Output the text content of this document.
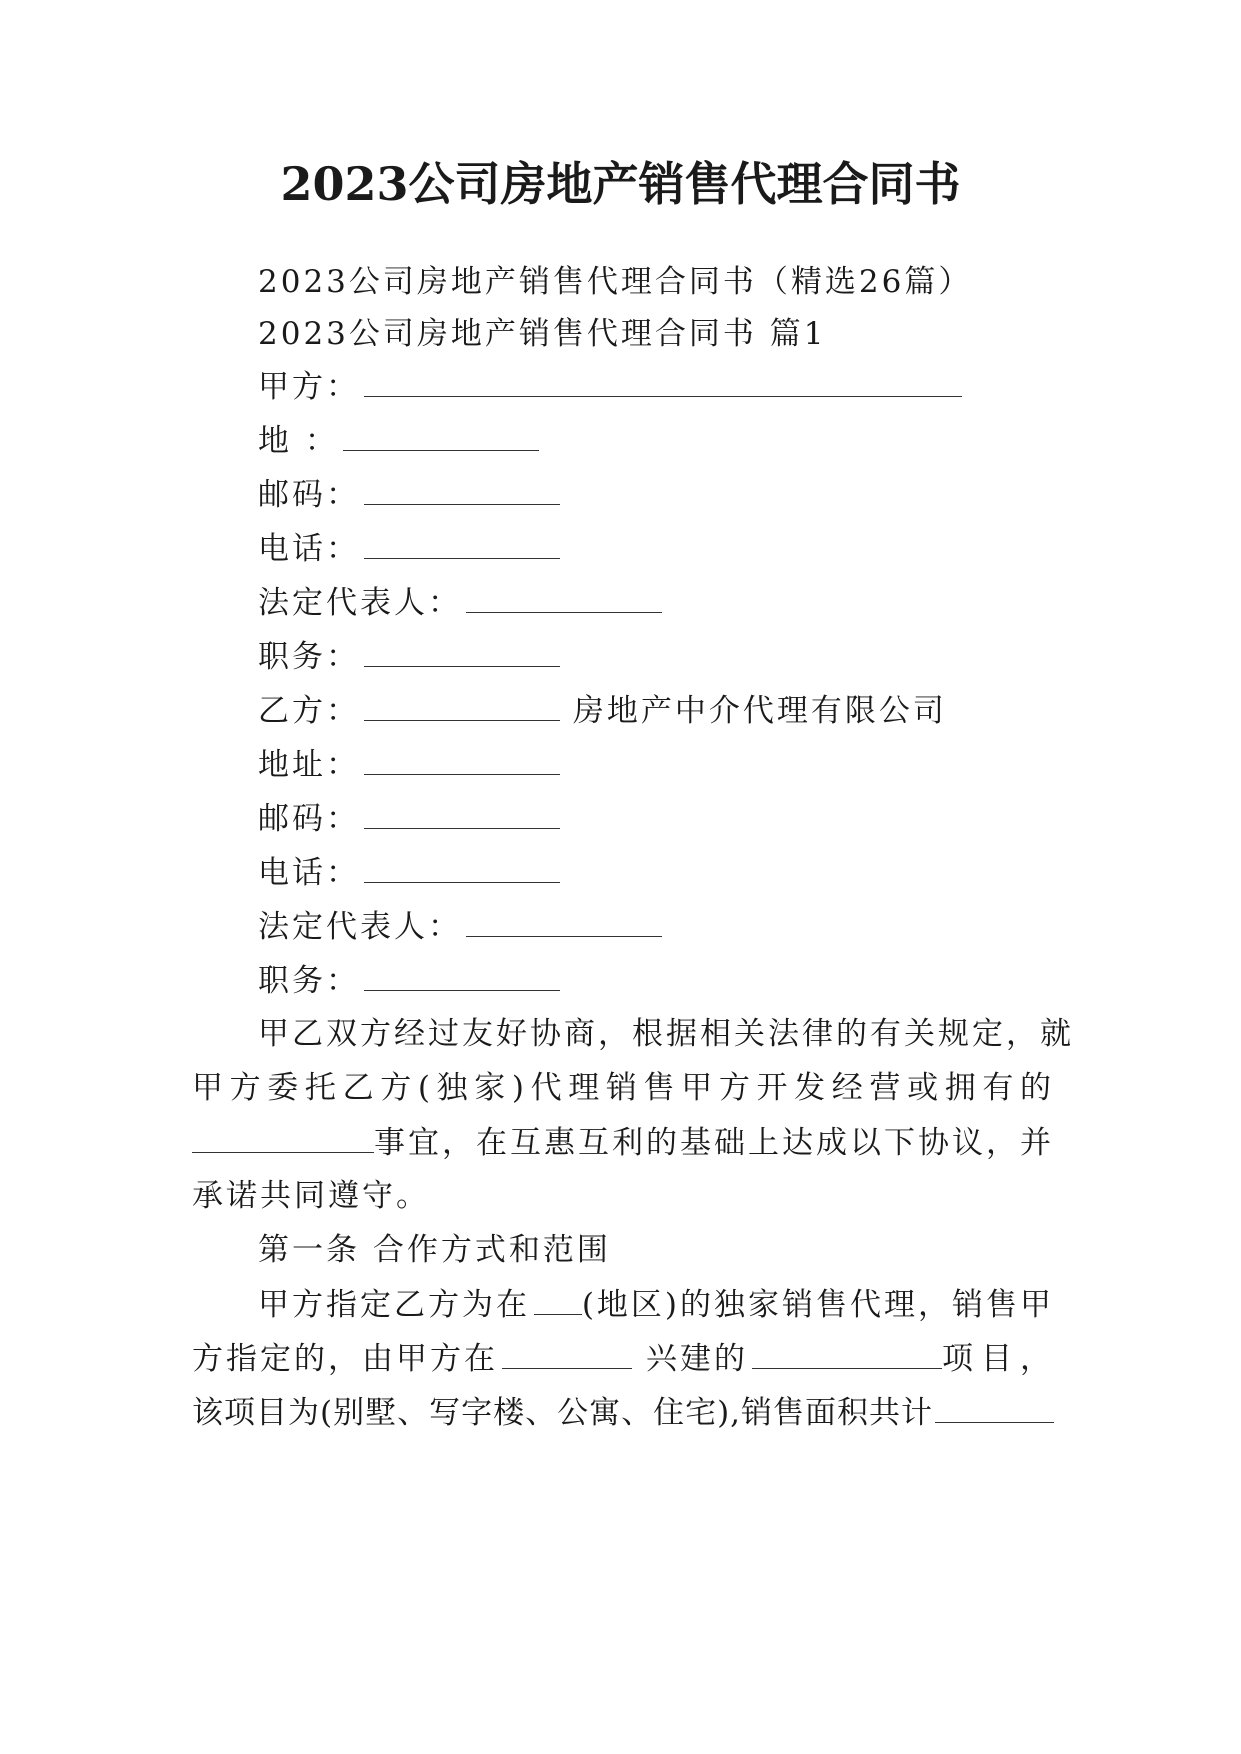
2023公司房地产销售代理合同书
2023公司房地产销售代理合同书（精选26篇）
2023公司房地产销售代理合同书 篇1
甲方：
地 ：
邮码：
电话：
法定代表人：
职务：
乙方：	房地产中介代理有限公司
地址：
邮码：
电话：
法定代表人：
职务：
甲乙双方经过友好协商，根据相关法律的有关规定，就
甲方委托乙方(独家)代理销售甲方开发经营或拥有的
事宜，在互惠互利的基础上达成以下协议，并
承诺共同遵守。
第一条 合作方式和范围
甲方指定乙方为在 (地区)的独家销售代理，销售甲
方指定的，由甲方在	兴建的	项目，
该项目为(别墅、写字楼、公寓、住宅),销售面积共计
